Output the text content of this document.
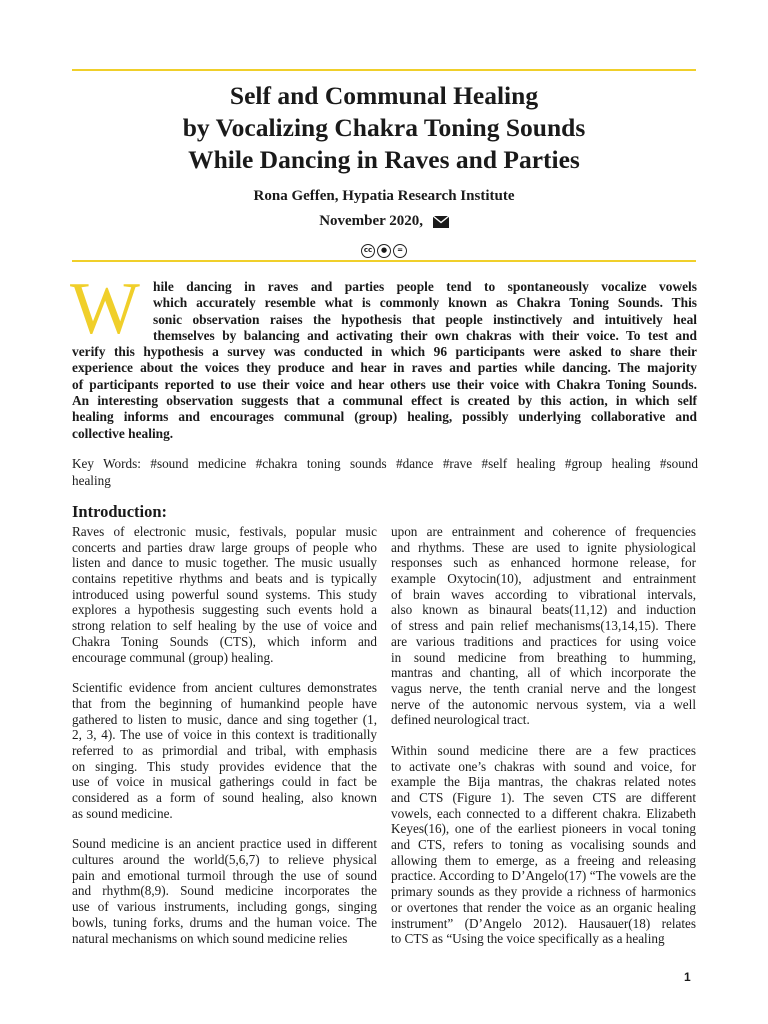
Self and Communal Healing
by Vocalizing Chakra Toning Sounds
While Dancing in Raves and Parties
Rona Geffen, Hypatia Research Institute
November 2020,
cc ● =
W hile dancing in raves and parties people tend to spontaneously vocalize vowels
which accurately resemble what is commonly known as Chakra Toning Sounds. This
sonic observation raises the hypothesis that people instinctively and intuitively heal
themselves by balancing and activating their own chakras with their voice. To test and
verify this hypothesis a survey was conducted in which 96 participants were asked to share their
experience about the voices they produce and hear in raves and parties while dancing. The majority
of participants reported to use their voice and hear others use their voice with Chakra Toning Sounds.
An interesting observation suggests that a communal effect is created by this action, in which self
healing informs and encourages communal (group) healing, possibly underlying collaborative and
collective healing.
Key Words: #sound medicine #chakra toning sounds #dance #rave #self healing #group healing #sound
healing
Introduction:

Raves of electronic music, festivals, popular music
concerts and parties draw large groups of people who
listen and dance to music together. The music usually
contains repetitive rhythms and beats and is typically
introduced using powerful sound systems. This study
explores a hypothesis suggesting such events hold a
strong relation to self healing by the use of voice and
Chakra Toning Sounds (CTS), which inform and
encourage communal (group) healing.

Scientific evidence from ancient cultures demonstrates
that from the beginning of humankind people have
gathered to listen to music, dance and sing together (1,
2, 3, 4). The use of voice in this context is traditionally
referred to as primordial and tribal, with emphasis
on singing. This study provides evidence that the
use of voice in musical gatherings could in fact be
considered as a form of sound healing, also known
as sound medicine.

Sound medicine is an ancient practice used in different
cultures around the world(5,6,7) to relieve physical
pain and emotional turmoil through the use of sound
and rhythm(8,9). Sound medicine incorporates the
use of various instruments, including gongs, singing
bowls, tuning forks, drums and the human voice. The
natural mechanisms on which sound medicine relies

upon are entrainment and coherence of frequencies
and rhythms. These are used to ignite physiological
responses such as enhanced hormone release, for
example Oxytocin(10), adjustment and entrainment
of brain waves according to vibrational intervals,
also known as binaural beats(11,12) and induction
of stress and pain relief mechanisms(13,14,15). There
are various traditions and practices for using voice
in sound medicine from breathing to humming,
mantras and chanting, all of which incorporate the
vagus nerve, the tenth cranial nerve and the longest
nerve of the autonomic nervous system, via a well
defined neurological tract.

Within sound medicine there are a few practices
to activate one’s chakras with sound and voice, for
example the Bija mantras, the chakras related notes
and CTS (Figure 1). The seven CTS are different
vowels, each connected to a different chakra. Elizabeth
Keyes(16), one of the earliest pioneers in vocal toning
and CTS, refers to toning as vocalising sounds and
allowing them to emerge, as a freeing and releasing
practice. According to D’Angelo(17) “The vowels are the
primary sounds as they provide a richness of harmonics
or overtones that render the voice as an organic healing
instrument” (D’Angelo 2012). Hausauer(18) relates
to CTS as “Using the voice specifically as a healing

1
